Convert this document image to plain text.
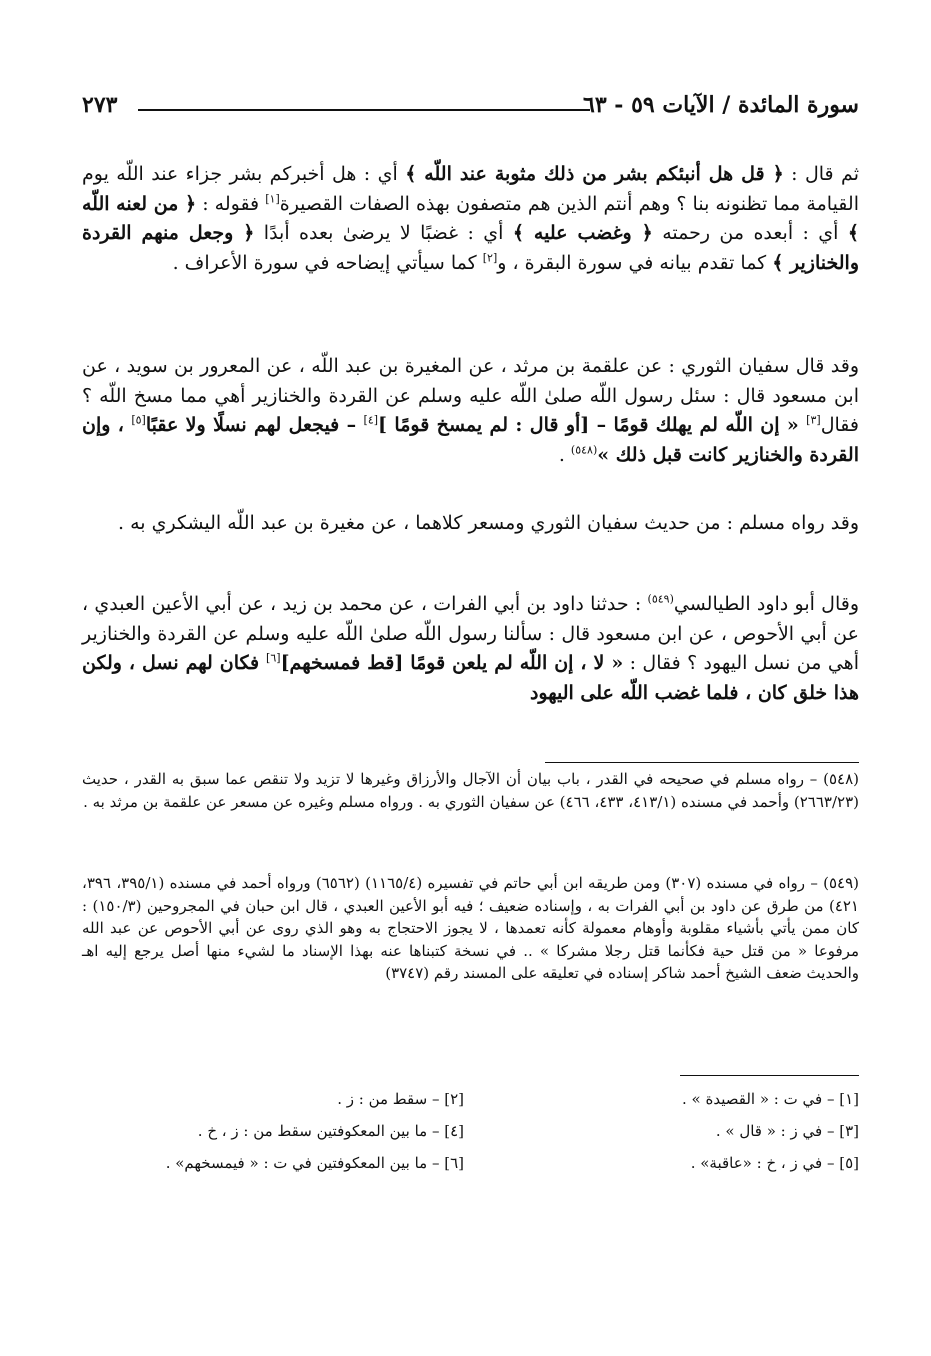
٢٧٣	سورة المائدة / الآيات ٥٩ - ٦٣

ثم قال : ﴿ قل هل أنبئكم بشر من ذلك مثوبة عند اللّه ﴾ أي : هل أخبركم بشر جزاء عند اللّه يوم القيامة مما تظنونه بنا ؟ وهم أنتم الذين هم متصفون بهذه الصفات القصيرة[١] فقوله : ﴿ من لعنه اللّه ﴾ أي : أبعده من رحمته ﴿ وغضب عليه ﴾ أي : غضبًا لا يرضىٰ بعده أبدًا ﴿ وجعل منهم القردة والخنازير ﴾ كما تقدم بيانه في سورة البقرة ، و[٢] كما سيأتي إيضاحه في سورة الأعراف .

وقد قال سفيان الثوري : عن علقمة بن مرثد ، عن المغيرة بن عبد اللّه ، عن المعرور بن سويد ، عن ابن مسعود قال : سئل رسول اللّه صلىٰ اللّه عليه وسلم عن القردة والخنازير أهي مما مسخ اللّه ؟ فقال[٣] « إن اللّه لم يهلك قومًا – [أو قال : لم يمسخ قومًا ][٤] – فيجعل لهم نسلًا ولا عقبًا[٥] ، وإن القردة والخنازير كانت قبل ذلك »$^{(٥٤٨)}$ .

وقد رواه مسلم : من حديث سفيان الثوري ومسعر كلاهما ، عن مغيرة بن عبد اللّه اليشكري به .

وقال أبو داود الطيالسي$^{(٥٤٩)}$ : حدثنا داود بن أبي الفرات ، عن محمد بن زيد ، عن أبي الأعين العبدي ، عن أبي الأحوص ، عن ابن مسعود قال : سألنا رسول اللّه صلىٰ اللّه عليه وسلم عن القردة والخنازير أهي من نسل اليهود ؟ فقال : « لا ، إن اللّه لم يلعن قومًا [قط فمسخهم][٦] فكان لهم نسل ، ولكن هذا خلق كان ، فلما غضب اللّه على اليهود

(٥٤٨) – رواه مسلم في صحيحه في القدر ، باب بيان أن الآجال والأرزاق وغيرها لا تزيد ولا تنقص عما سبق به القدر ، حديث (٢٦٦٣/٢٣) وأحمد في مسنده (٤١٣/١، ٤٣٣، ٤٦٦) عن سفيان الثوري به . ورواه مسلم وغيره عن مسعر عن علقمة بن مرثد به .

(٥٤٩) – رواه في مسنده (٣٠٧) ومن طريقه ابن أبي حاتم في تفسيره (١١٦٥/٤) (٦٥٦٢) ورواه أحمد في مسنده (٣٩٥/١، ٣٩٦، ٤٢١) من طرق عن داود بن أبي الفرات به ، وإسناده ضعيف ؛ فيه أبو الأعين العبدي ، قال ابن حبان في المجروحين (١٥٠/٣) : كان ممن يأتي بأشياء مقلوبة وأوهام معمولة كأنه تعمدها ، لا يجوز الاحتجاج به وهو الذي روى عن أبي الأحوص عن عبد الله مرفوعا « من قتل حية فكأنما قتل رجلا مشركا » .. في نسخة كتبناها عنه بهذا الإسناد ما لشيء منها أصل يرجع إليه اهـ والحديث ضعف الشيخ أحمد شاكر إسناده في تعليقه على المسند رقم (٣٧٤٧)

[١] – في ت : « القصيدة » .
[٢] – سقط من : ز .
[٣] – في ز : « قال » .
[٤] – ما بين المعكوفتين سقط من : ز ، خ .
[٥] – في ز ، خ : «عاقبة» .
[٦] – ما بين المعكوفتين في ت : « فيمسخهم» .
